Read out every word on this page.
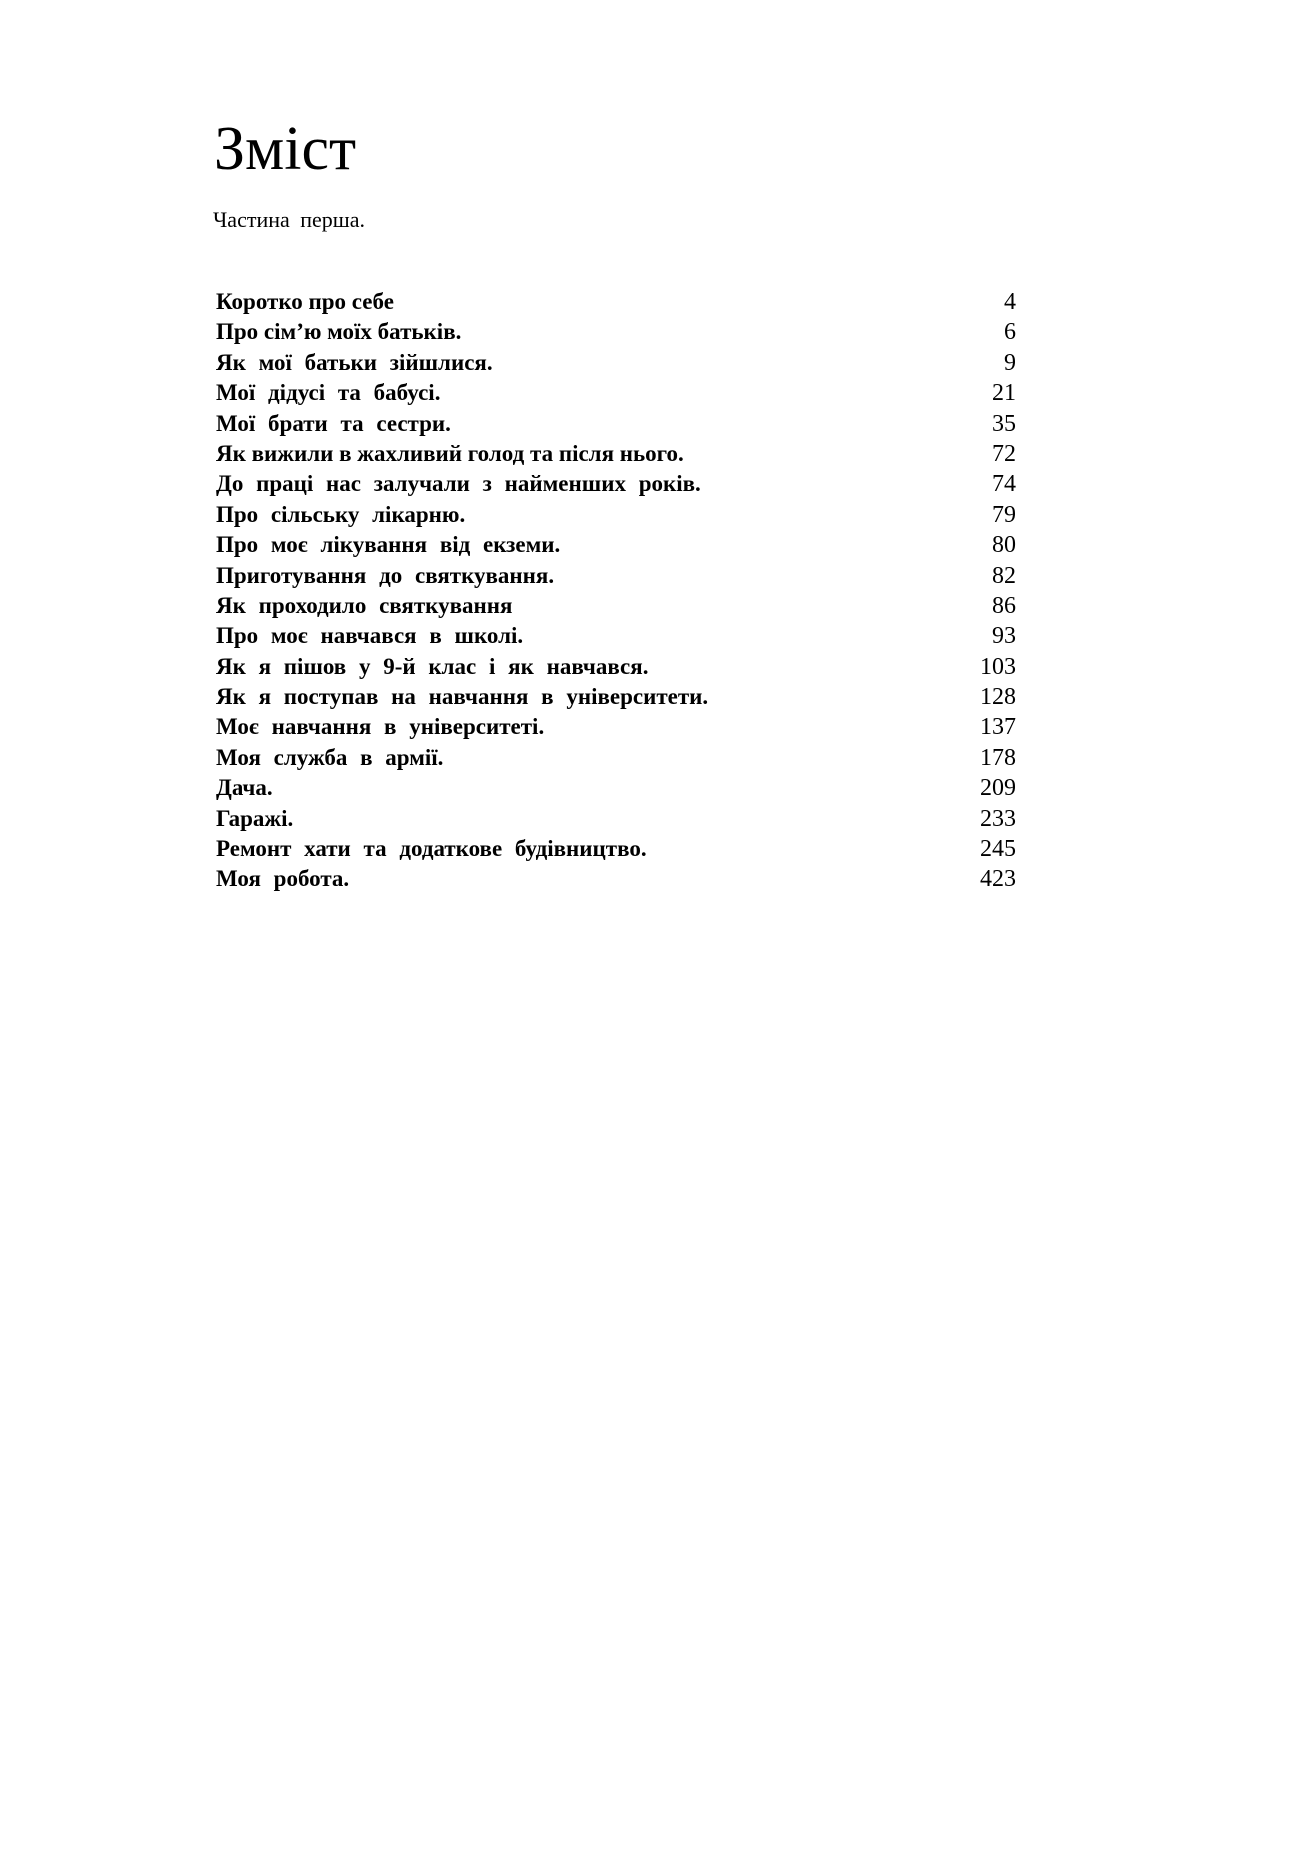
Зміст

Частина перша.

Коротко про себе	4
Про сім’ю моїх батьків.	6
Як мої батьки зійшлися.	9
Мої дідусі та бабусі.	21
Мої брати та сестри.	35
Як вижили в жахливий голод та після нього.	72
До праці нас залучали з найменших років.	74
Про сільську лікарню.	79
Про моє лікування від екземи.	80
Приготування до святкування.	82
Як проходило святкування	86
Про моє навчався в школі.	93
Як я пішов у 9-й клас і як навчався.	103
Як я поступав на навчання в університети.	128
Моє навчання в університеті.	137
Моя служба в армії.	178
Дача.	209
Гаражі.	233
Ремонт хати та додаткове будівництво.	245
Моя робота.	423
